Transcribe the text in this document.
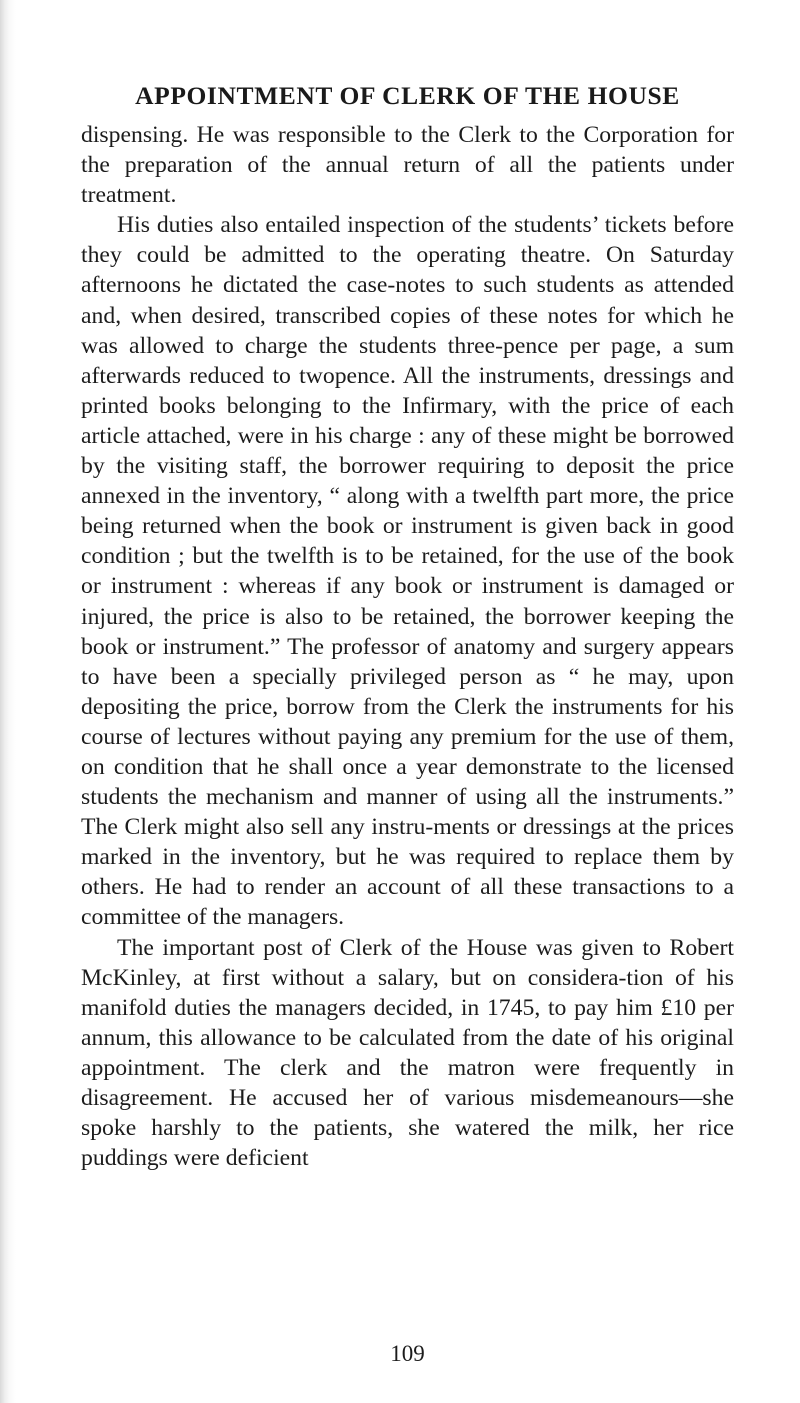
APPOINTMENT OF CLERK OF THE HOUSE

dispensing. He was responsible to the Clerk to the Corporation for the preparation of the annual return of all the patients under treatment.

His duties also entailed inspection of the students’ tickets before they could be admitted to the operating theatre. On Saturday afternoons he dictated the case-notes to such students as attended and, when desired, transcribed copies of these notes for which he was allowed to charge the students three-pence per page, a sum afterwards reduced to twopence. All the instruments, dressings and printed books belonging to the Infirmary, with the price of each article attached, were in his charge : any of these might be borrowed by the visiting staff, the borrower requiring to deposit the price annexed in the inventory, “ along with a twelfth part more, the price being returned when the book or instrument is given back in good condition ; but the twelfth is to be retained, for the use of the book or instrument : whereas if any book or instrument is damaged or injured, the price is also to be retained, the borrower keeping the book or instrument.” The professor of anatomy and surgery appears to have been a specially privileged person as “ he may, upon depositing the price, borrow from the Clerk the instruments for his course of lectures without paying any premium for the use of them, on condition that he shall once a year demonstrate to the licensed students the mechanism and manner of using all the instruments.” The Clerk might also sell any instru-ments or dressings at the prices marked in the inventory, but he was required to replace them by others. He had to render an account of all these transactions to a committee of the managers.

The important post of Clerk of the House was given to Robert McKinley, at first without a salary, but on considera-tion of his manifold duties the managers decided, in 1745, to pay him £10 per annum, this allowance to be calculated from the date of his original appointment. The clerk and the matron were frequently in disagreement. He accused her of various misdemeanours—she spoke harshly to the patients, she watered the milk, her rice puddings were deficient

109
